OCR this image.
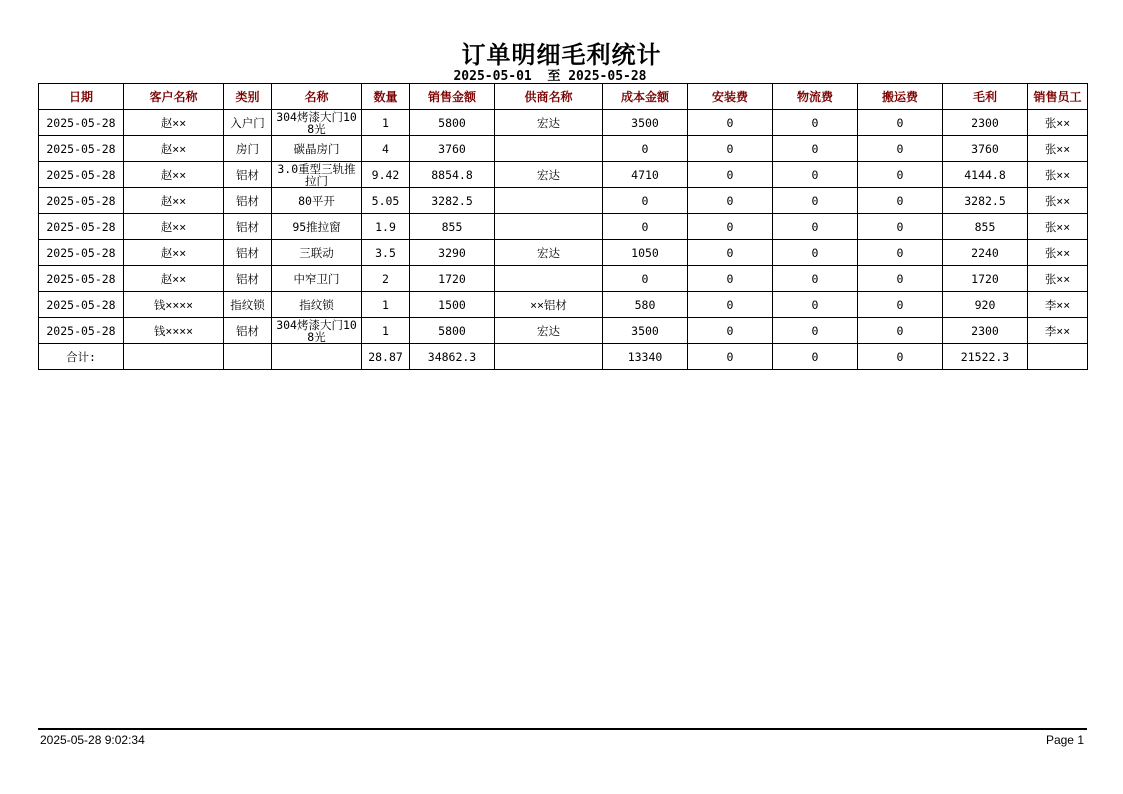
订单明细毛利统计
2025-05-01  至 2025-05-28
日期	客户名称	类别	名称	数量	销售金额	供商名称	成本金额	安装费	物流费	搬运费	毛利	销售员工
2025-05-28	赵××	入户门	304烤漆大门10 8光	1	5800	宏达	3500	0	0	0	2300	张××
2025-05-28	赵××	房门	碳晶房门	4	3760		0	0	0	0	3760	张××
2025-05-28	赵××	铝材	3.0重型三轨推拉门	9.42	8854.8	宏达	4710	0	0	0	4144.8	张××
2025-05-28	赵××	铝材	80平开	5.05	3282.5		0	0	0	0	3282.5	张××
2025-05-28	赵××	铝材	95推拉窗	1.9	855		0	0	0	0	855	张××
2025-05-28	赵××	铝材	三联动	3.5	3290	宏达	1050	0	0	0	2240	张××
2025-05-28	赵××	铝材	中窄卫门	2	1720		0	0	0	0	1720	张××
2025-05-28	钱××××	指纹锁	指纹锁	1	1500	××铝材	580	0	0	0	920	李××
2025-05-28	钱××××	铝材	304烤漆大门10 8光	1	5800	宏达	3500	0	0	0	2300	李××
合计:				28.87	34862.3		13340	0	0	0	21522.3	
2025-05-28 9:02:34	Page 1
